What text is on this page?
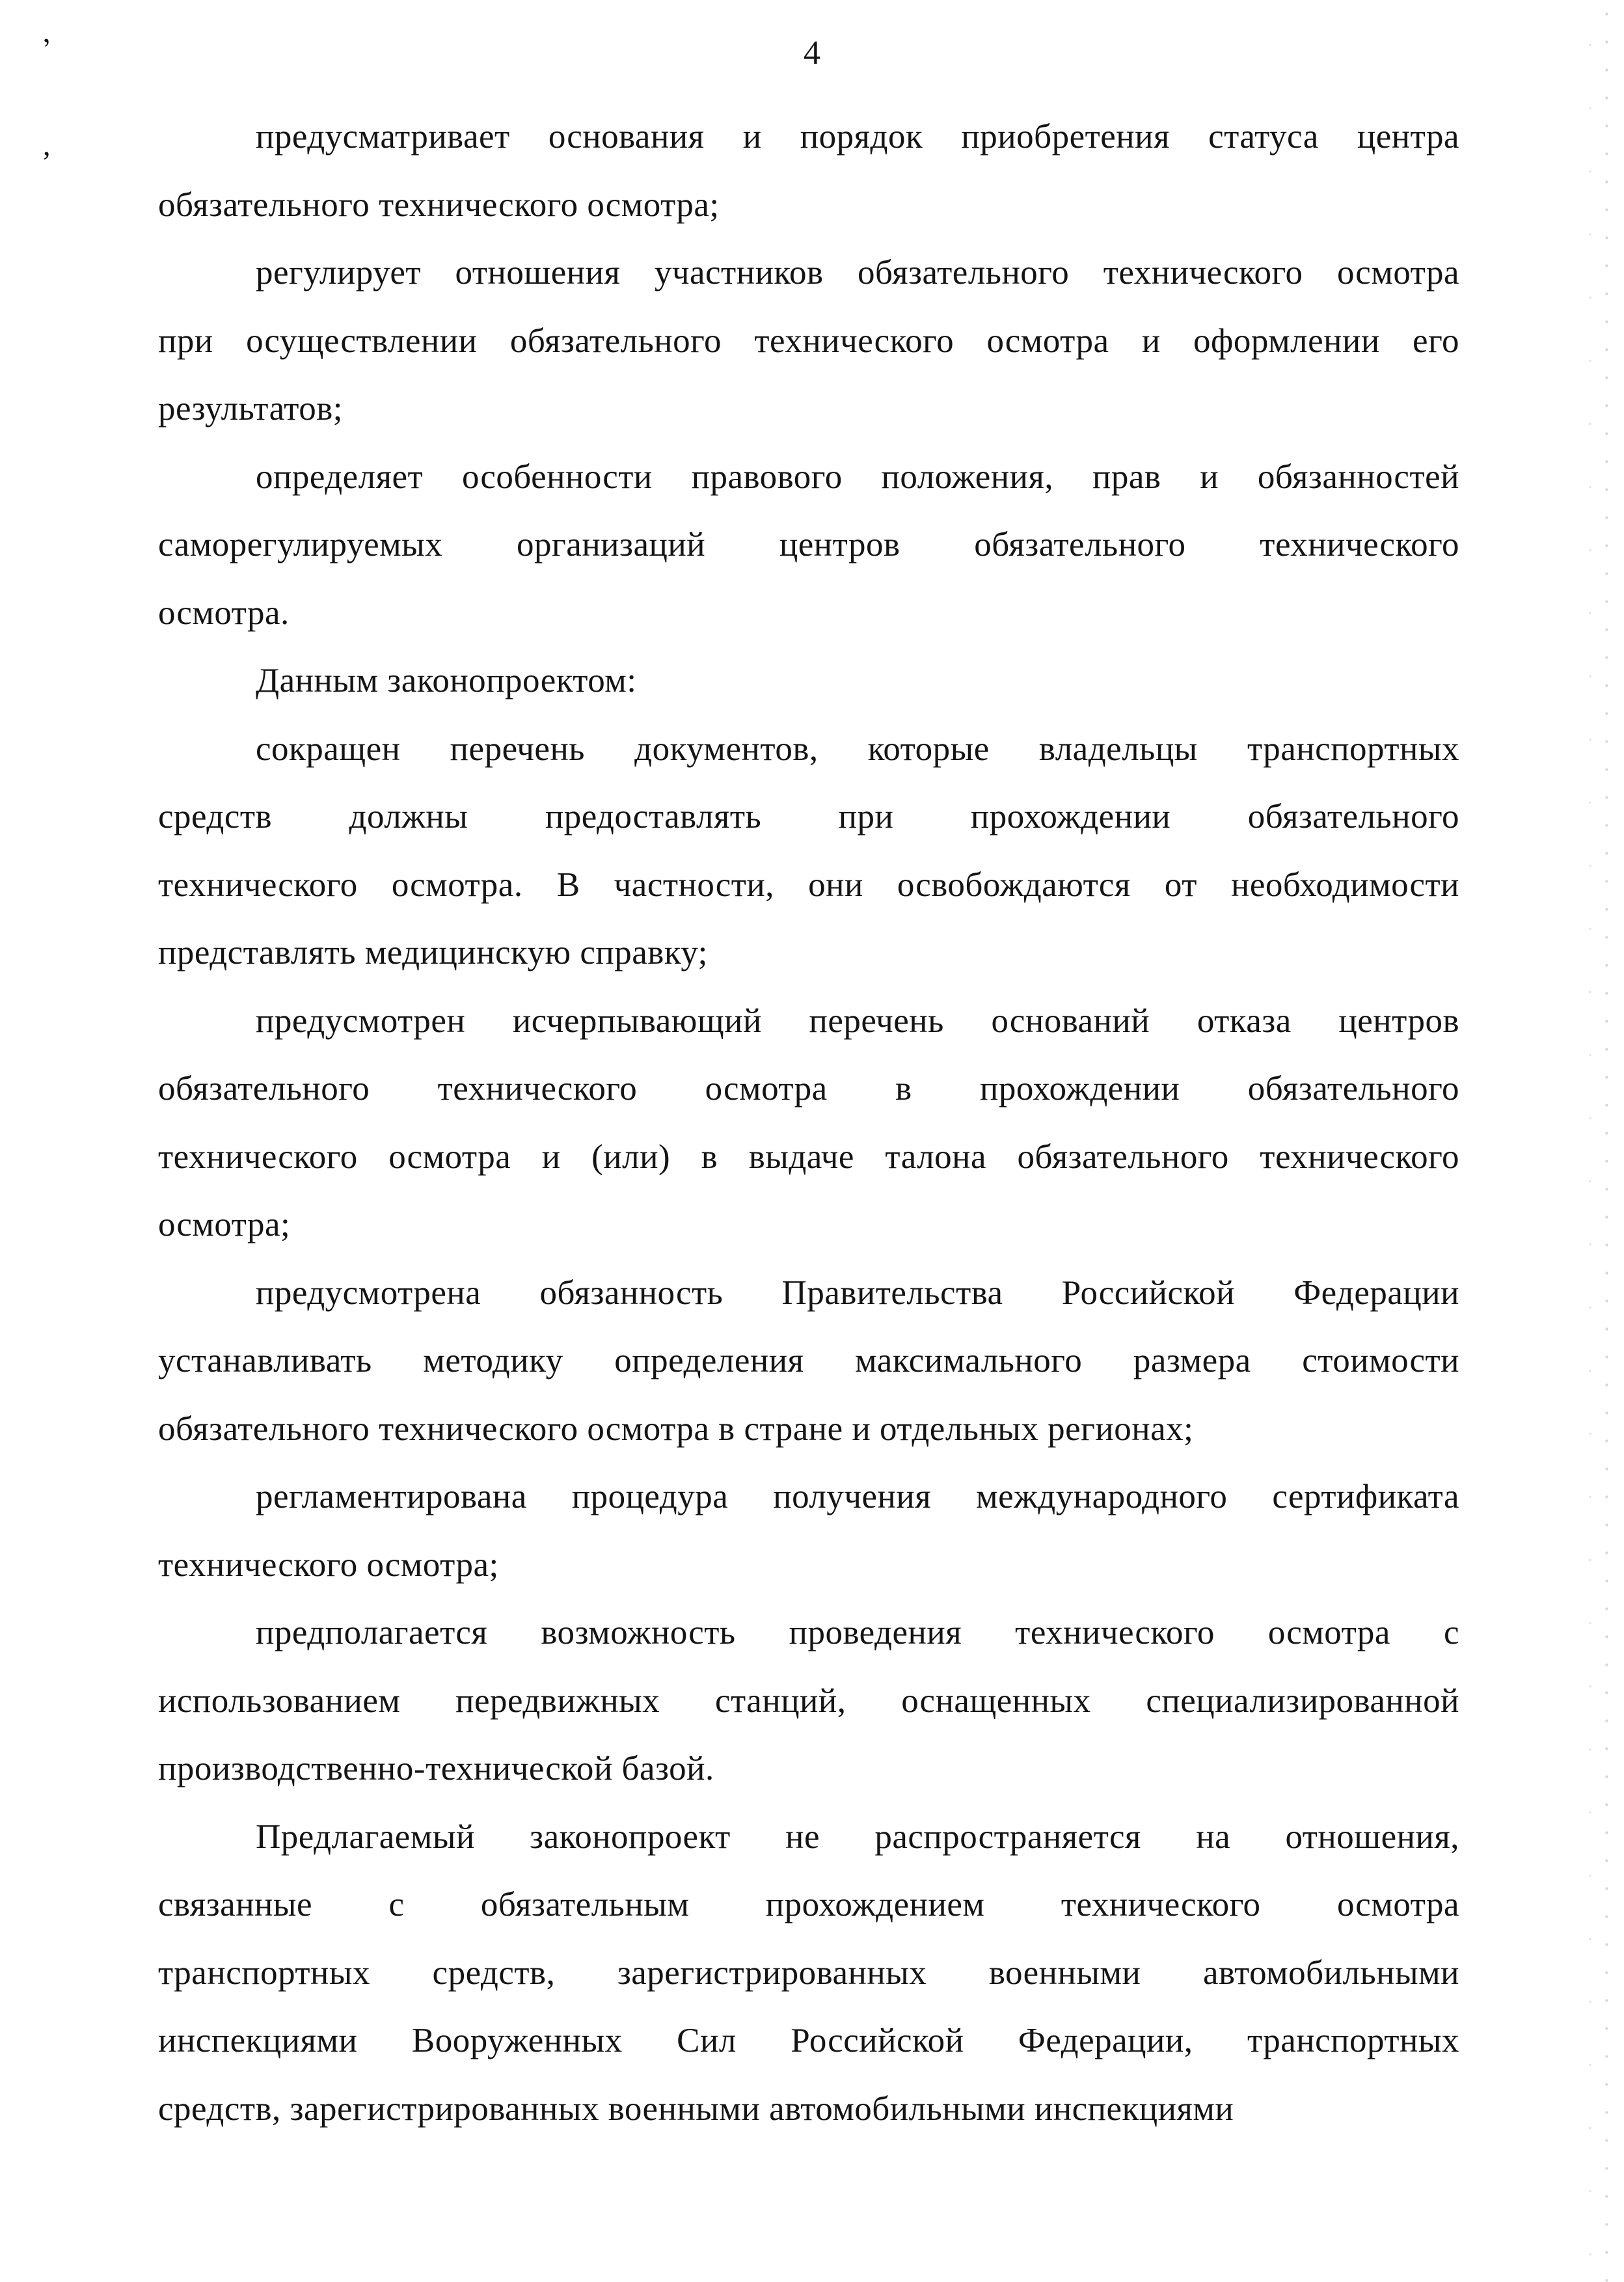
’
,
4
предусматривает основания и порядок приобретения статуса центра
обязательного технического осмотра;
регулирует отношения участников обязательного технического осмотра
при осуществлении обязательного технического осмотра и оформлении его
результатов;
определяет особенности правового положения, прав и обязанностей
саморегулируемых организаций центров обязательного технического
осмотра.
Данным законопроектом:
сокращен перечень документов, которые владельцы транспортных
средств должны предоставлять при прохождении обязательного
технического осмотра. В частности, они освобождаются от необходимости
представлять медицинскую справку;
предусмотрен исчерпывающий перечень оснований отказа центров
обязательного технического осмотра в прохождении обязательного
технического осмотра и (или) в выдаче талона обязательного технического
осмотра;
предусмотрена обязанность Правительства Российской Федерации
устанавливать методику определения максимального размера стоимости
обязательного технического осмотра в стране и отдельных регионах;
регламентирована процедура получения международного сертификата
технического осмотра;
предполагается возможность проведения технического осмотра с
использованием передвижных станций, оснащенных специализированной
производственно-технической базой.
Предлагаемый законопроект не распространяется на отношения,
связанные с обязательным прохождением технического осмотра
транспортных средств, зарегистрированных военными автомобильными
инспекциями Вооруженных Сил Российской Федерации, транспортных
средств, зарегистрированных военными автомобильными инспекциями
